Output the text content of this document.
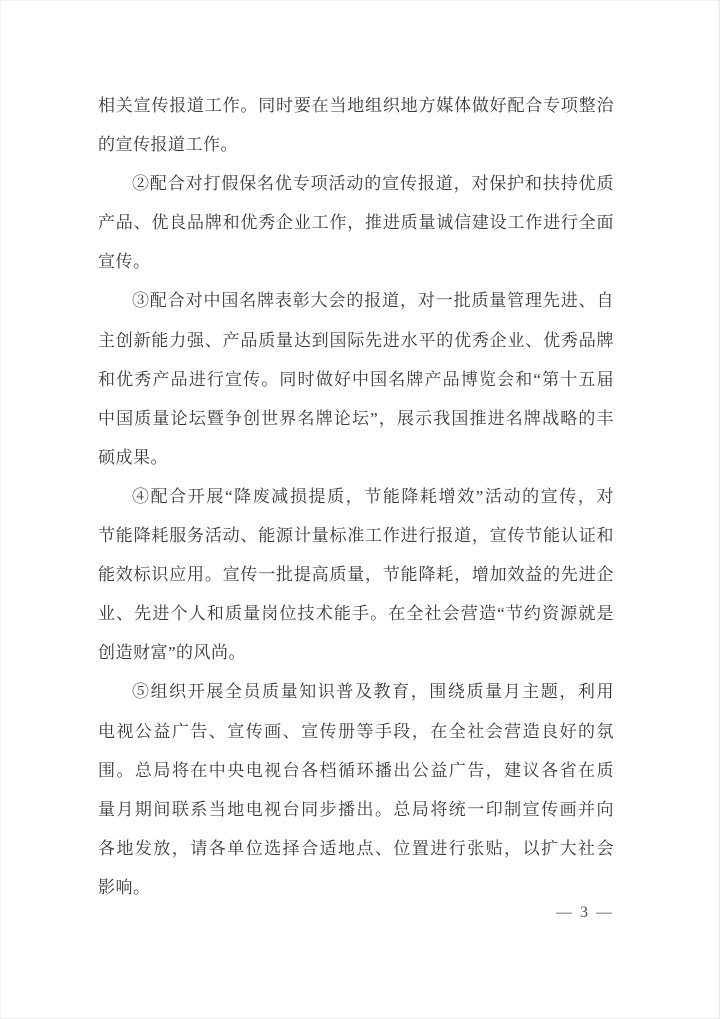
相关宣传报道工作。同时要在当地组织地方媒体做好配合专项整治
的宣传报道工作。
②配合对打假保名优专项活动的宣传报道，对保护和扶持优质
产品、优良品牌和优秀企业工作，推进质量诚信建设工作进行全面
宣传。
③配合对中国名牌表彰大会的报道，对一批质量管理先进、自
主创新能力强、产品质量达到国际先进水平的优秀企业、优秀品牌
和优秀产品进行宣传。同时做好中国名牌产品博览会和“第十五届
中国质量论坛暨争创世界名牌论坛”，展示我国推进名牌战略的丰
硕成果。
④配合开展“降废减损提质，节能降耗增效”活动的宣传，对
节能降耗服务活动、能源计量标准工作进行报道，宣传节能认证和
能效标识应用。宣传一批提高质量，节能降耗，增加效益的先进企
业、先进个人和质量岗位技术能手。在全社会营造“节约资源就是
创造财富”的风尚。
⑤组织开展全员质量知识普及教育，围绕质量月主题，利用
电视公益广告、宣传画、宣传册等手段，在全社会营造良好的氛
围。总局将在中央电视台各档循环播出公益广告，建议各省在质
量月期间联系当地电视台同步播出。总局将统一印制宣传画并向
各地发放，请各单位选择合适地点、位置进行张贴，以扩大社会
影响。
— 3 —
